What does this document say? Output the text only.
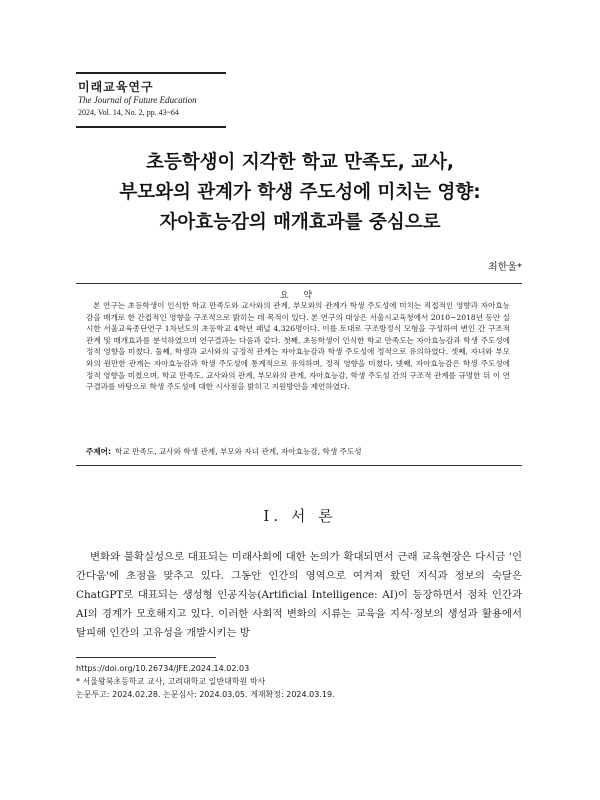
미래교육연구
The Journal of Future Education
2024, Vol. 14, No. 2, pp. 43~64
초등학생이 지각한 학교 만족도, 교사,
부모와의 관계가 학생 주도성에 미치는 영향:
자아효능감의 매개효과를 중심으로
최한울*
요 약
본 연구는 초등학생이 인식한 학교 만족도와 교사와의 관계, 부모와의 관계가 학생 주도성에 미치는 직접적인 영향과 자아효능감을 매개로 한 간접적인 영향을 구조적으로 밝히는 데 목적이 있다. 본 연구의 대상은 서울시교육청에서 2010~2018년 동안 실시한 서울교육종단연구 1차년도의 초등학교 4학년 패널 4,326명이다. 이를 토대로 구조방정식 모형을 구성하여 변인 간 구조적 관계 및 매개효과를 분석하였으며 연구결과는 다음과 같다. 첫째, 초등학생이 인식한 학교 만족도는 자아효능감과 학생 주도성에 정적 영향을 미쳤다. 둘째, 학생과 교사와의 긍정적 관계는 자아효능감과 학생 주도성에 정적으로 유의하였다. 셋째, 자녀와 부모와의 원만한 관계는 자아효능감과 학생 주도성에 통계적으로 유의하며, 정적 영향을 미쳤다. 넷째, 자아효능감은 학생 주도성에 정적 영향을 미쳤으며, 학교 만족도, 교사와의 관계, 부모와의 관계, 자아효능감, 학생 주도성 간의 구조적 관계를 규명한 뒤 이 연구결과를 바탕으로 학생 주도성에 대한 시사점을 밝히고 지원방안을 제언하였다.
주제어: 학교 만족도, 교사와 학생 관계, 부모와 자녀 관계, 자아효능감, 학생 주도성
Ⅰ. 서 론
변화와 불확실성으로 대표되는 미래사회에 대한 논의가 확대되면서 근래 교육현장은 다시금 '인간다움'에 초점을 맞추고 있다. 그동안 인간의 영역으로 여겨져 왔던 지식과 정보의 숙달은 ChatGPT로 대표되는 생성형 인공지능(Artificial Intelligence: AI)이 등장하면서 점차 인간과 AI의 경계가 모호해지고 있다. 이러한 사회적 변화의 시류는 교육을 지식·정보의 생성과 활용에서 탈피해 인간의 고유성을 개발시키는 방
https://doi.org/10.26734/JFE.2024.14.02.03
* 서울왕북초등학교 교사, 고려대학교 일반대학원 박사
논문투고: 2024.02.28. 논문심사: 2024.03.05. 게재확정: 2024.03.19.
